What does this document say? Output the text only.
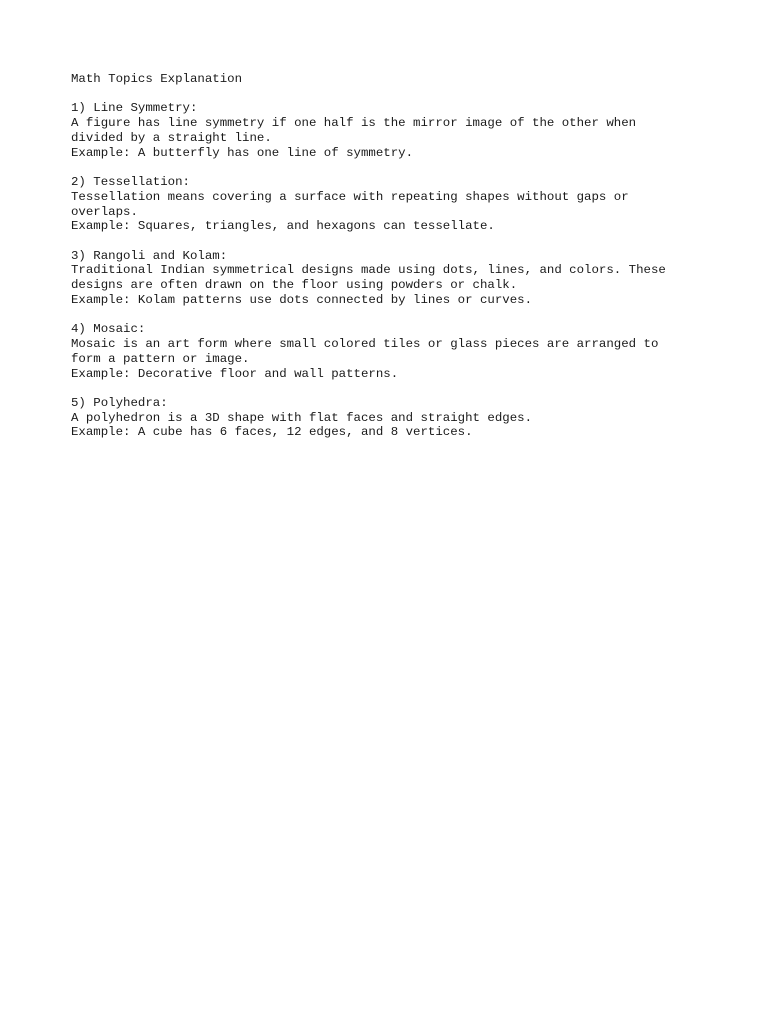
Math Topics Explanation
1) Line Symmetry:
A figure has line symmetry if one half is the mirror image of the other when
divided by a straight line.
Example: A butterfly has one line of symmetry.
2) Tessellation:
Tessellation means covering a surface with repeating shapes without gaps or
overlaps.
Example: Squares, triangles, and hexagons can tessellate.
3) Rangoli and Kolam:
Traditional Indian symmetrical designs made using dots, lines, and colors. These
designs are often drawn on the floor using powders or chalk.
Example: Kolam patterns use dots connected by lines or curves.
4) Mosaic:
Mosaic is an art form where small colored tiles or glass pieces are arranged to
form a pattern or image.
Example: Decorative floor and wall patterns.
5) Polyhedra:
A polyhedron is a 3D shape with flat faces and straight edges.
Example: A cube has 6 faces, 12 edges, and 8 vertices.
